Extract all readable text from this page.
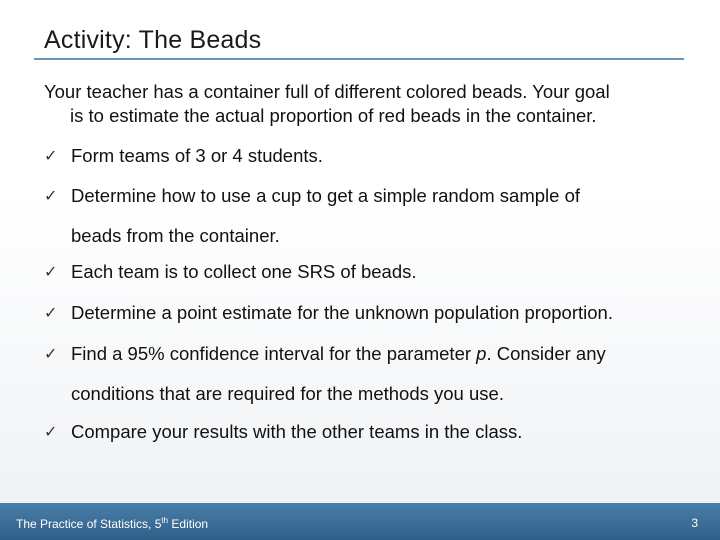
Activity: The Beads
Your teacher has a container full of different colored beads. Your goal
is to estimate the actual proportion of red beads in the container.
✓ Form teams of 3 or 4 students.
✓ Determine how to use a cup to get a simple random sample of
beads from the container.
✓ Each team is to collect one SRS of beads.
✓ Determine a point estimate for the unknown population proportion.
✓ Find a 95% confidence interval for the parameter p. Consider any
conditions that are required for the methods you use.
✓ Compare your results with the other teams in the class.
The Practice of Statistics, 5th Edition	3
